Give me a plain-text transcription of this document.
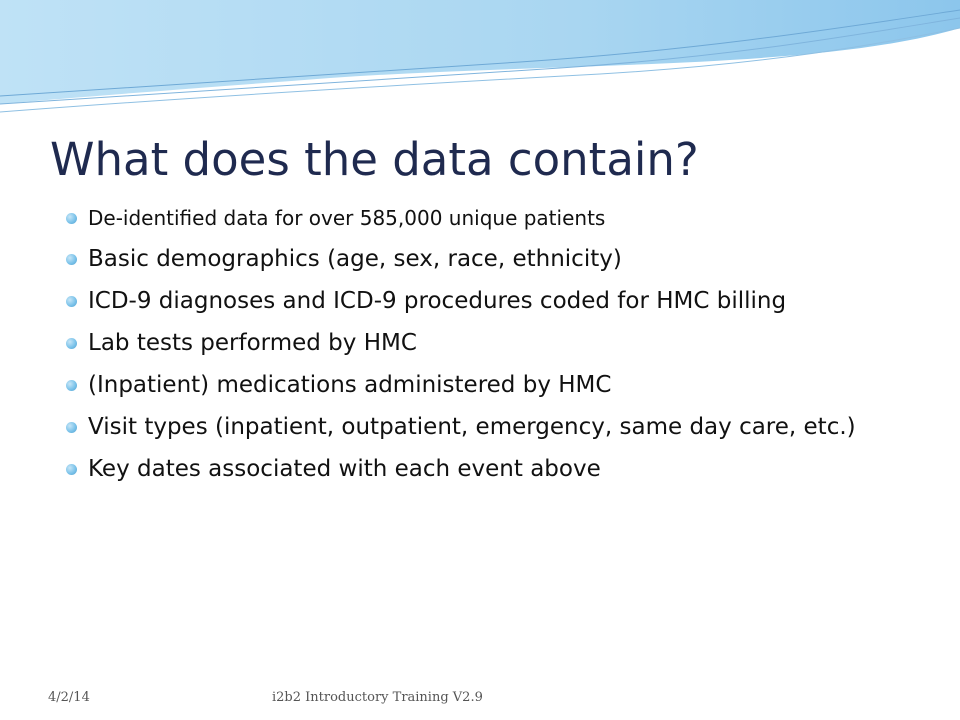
What does the data contain?
De-identified data for over 585,000 unique patients
Basic demographics (age, sex, race, ethnicity)
ICD-9 diagnoses and ICD-9 procedures coded for HMC billing
Lab tests performed by HMC
(Inpatient) medications administered by HMC
Visit types (inpatient, outpatient, emergency, same day care, etc.)
Key dates associated with each event above
4/2/14	i2b2 Introductory Training V2.9
